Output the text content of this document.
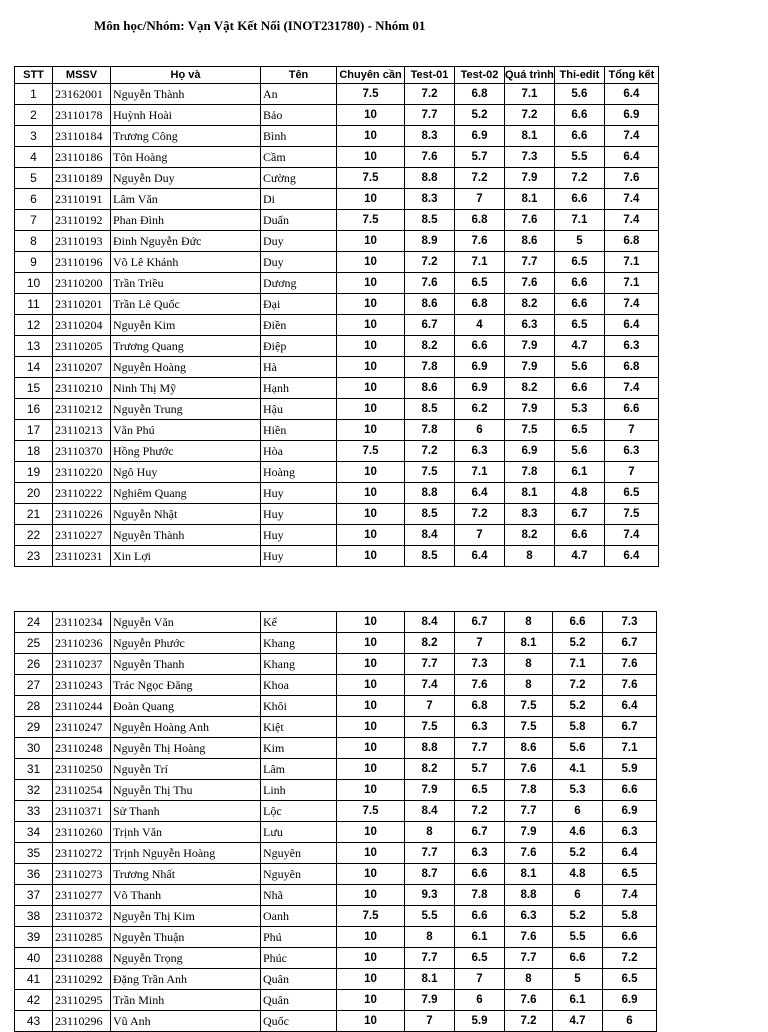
Môn học/Nhóm: Vạn Vật Kết Nối (INOT231780) - Nhóm 01
STT	MSSV	Họ và	Tên	Chuyên cần	Test-01	Test-02	Quá trình	Thi-edit	Tổng kết
1	23162001	Nguyễn Thành	An	7.5	7.2	6.8	7.1	5.6	6.4
2	23110178	Huỳnh Hoài	Bảo	10	7.7	5.2	7.2	6.6	6.9
3	23110184	Trương Công	Bình	10	8.3	6.9	8.1	6.6	7.4
4	23110186	Tôn Hoàng	Cầm	10	7.6	5.7	7.3	5.5	6.4
5	23110189	Nguyễn Duy	Cường	7.5	8.8	7.2	7.9	7.2	7.6
6	23110191	Lâm Văn	Di	10	8.3	7	8.1	6.6	7.4
7	23110192	Phan Đình	Duẩn	7.5	8.5	6.8	7.6	7.1	7.4
8	23110193	Đinh Nguyễn Đức	Duy	10	8.9	7.6	8.6	5	6.8
9	23110196	Võ Lê Khánh	Duy	10	7.2	7.1	7.7	6.5	7.1
10	23110200	Trần Triều	Dương	10	7.6	6.5	7.6	6.6	7.1
11	23110201	Trần Lê Quốc	Đại	10	8.6	6.8	8.2	6.6	7.4
12	23110204	Nguyễn Kim	Điền	10	6.7	4	6.3	6.5	6.4
13	23110205	Trương Quang	Điệp	10	8.2	6.6	7.9	4.7	6.3
14	23110207	Nguyễn Hoàng	Hà	10	7.8	6.9	7.9	5.6	6.8
15	23110210	Ninh Thị Mỹ	Hạnh	10	8.6	6.9	8.2	6.6	7.4
16	23110212	Nguyễn Trung	Hậu	10	8.5	6.2	7.9	5.3	6.6
17	23110213	Văn Phú	Hiền	10	7.8	6	7.5	6.5	7
18	23110370	Hồng Phước	Hòa	7.5	7.2	6.3	6.9	5.6	6.3
19	23110220	Ngô Huy	Hoàng	10	7.5	7.1	7.8	6.1	7
20	23110222	Nghiêm Quang	Huy	10	8.8	6.4	8.1	4.8	6.5
21	23110226	Nguyễn Nhật	Huy	10	8.5	7.2	8.3	6.7	7.5
22	23110227	Nguyễn Thành	Huy	10	8.4	7	8.2	6.6	7.4
23	23110231	Xin Lợi	Huy	10	8.5	6.4	8	4.7	6.4
24	23110234	Nguyễn Văn	Kế	10	8.4	6.7	8	6.6	7.3
25	23110236	Nguyễn Phước	Khang	10	8.2	7	8.1	5.2	6.7
26	23110237	Nguyễn Thanh	Khang	10	7.7	7.3	8	7.1	7.6
27	23110243	Trác Ngọc Đăng	Khoa	10	7.4	7.6	8	7.2	7.6
28	23110244	Đoàn Quang	Khôi	10	7	6.8	7.5	5.2	6.4
29	23110247	Nguyễn Hoàng Anh	Kiệt	10	7.5	6.3	7.5	5.8	6.7
30	23110248	Nguyễn Thị Hoàng	Kim	10	8.8	7.7	8.6	5.6	7.1
31	23110250	Nguyễn Trí	Lâm	10	8.2	5.7	7.6	4.1	5.9
32	23110254	Nguyễn Thị Thu	Linh	10	7.9	6.5	7.8	5.3	6.6
33	23110371	Sử Thanh	Lộc	7.5	8.4	7.2	7.7	6	6.9
34	23110260	Trịnh Văn	Lưu	10	8	6.7	7.9	4.6	6.3
35	23110272	Trịnh Nguyễn Hoàng	Nguyên	10	7.7	6.3	7.6	5.2	6.4
36	23110273	Trương Nhất	Nguyên	10	8.7	6.6	8.1	4.8	6.5
37	23110277	Võ Thanh	Nhã	10	9.3	7.8	8.8	6	7.4
38	23110372	Nguyễn Thị Kim	Oanh	7.5	5.5	6.6	6.3	5.2	5.8
39	23110285	Nguyễn Thuận	Phú	10	8	6.1	7.6	5.5	6.6
40	23110288	Nguyễn Trọng	Phúc	10	7.7	6.5	7.7	6.6	7.2
41	23110292	Đặng Trần Anh	Quân	10	8.1	7	8	5	6.5
42	23110295	Trần Minh	Quân	10	7.9	6	7.6	6.1	6.9
43	23110296	Vũ Anh	Quốc	10	7	5.9	7.2	4.7	6
